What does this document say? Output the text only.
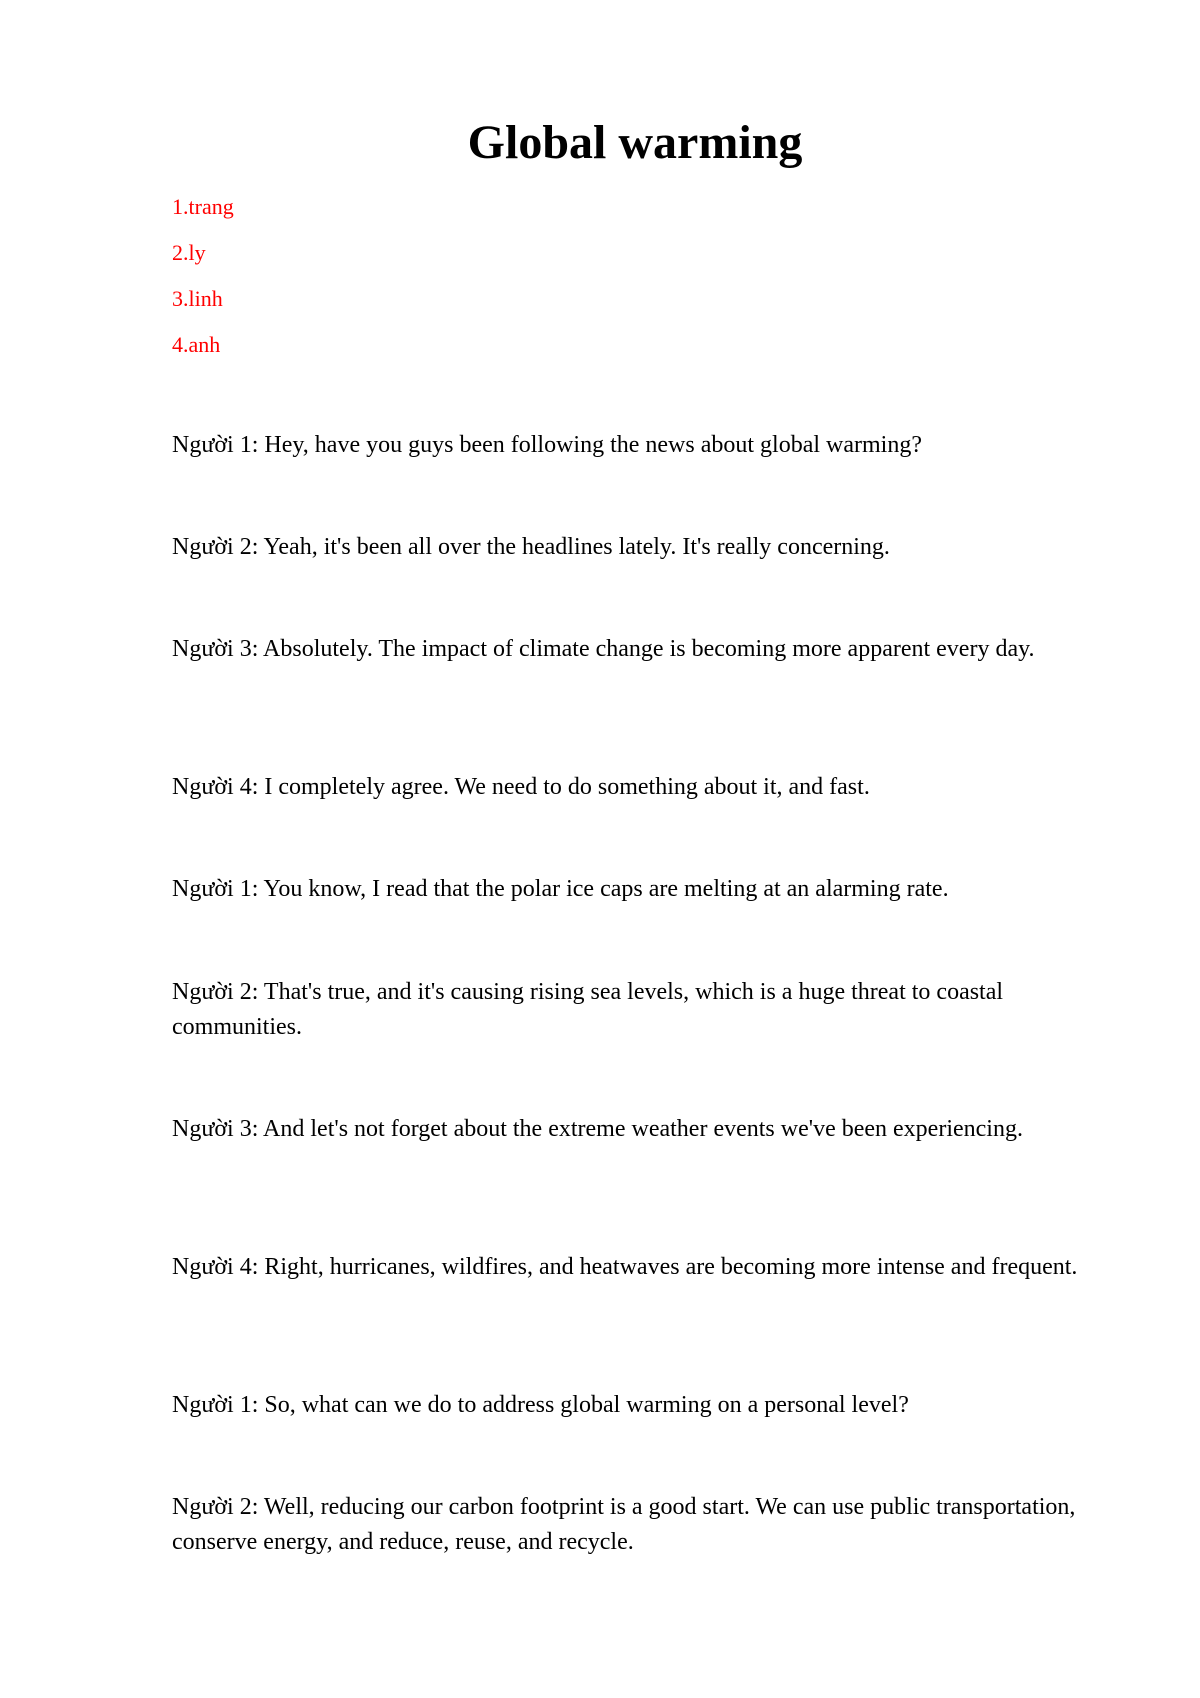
Global warming
1.trang
2.ly
3.linh
4.anh

Người 1: Hey, have you guys been following the news about global warming?

Người 2: Yeah, it's been all over the headlines lately. It's really concerning.

Người 3: Absolutely. The impact of climate change is becoming more apparent every day.

Người 4: I completely agree. We need to do something about it, and fast.

Người 1: You know, I read that the polar ice caps are melting at an alarming rate.

Người 2: That's true, and it's causing rising sea levels, which is a huge threat to coastal communities.

Người 3: And let's not forget about the extreme weather events we've been experiencing.

Người 4: Right, hurricanes, wildfires, and heatwaves are becoming more intense and frequent.

Người 1: So, what can we do to address global warming on a personal level?

Người 2: Well, reducing our carbon footprint is a good start. We can use public transportation, conserve energy, and reduce, reuse, and recycle.
